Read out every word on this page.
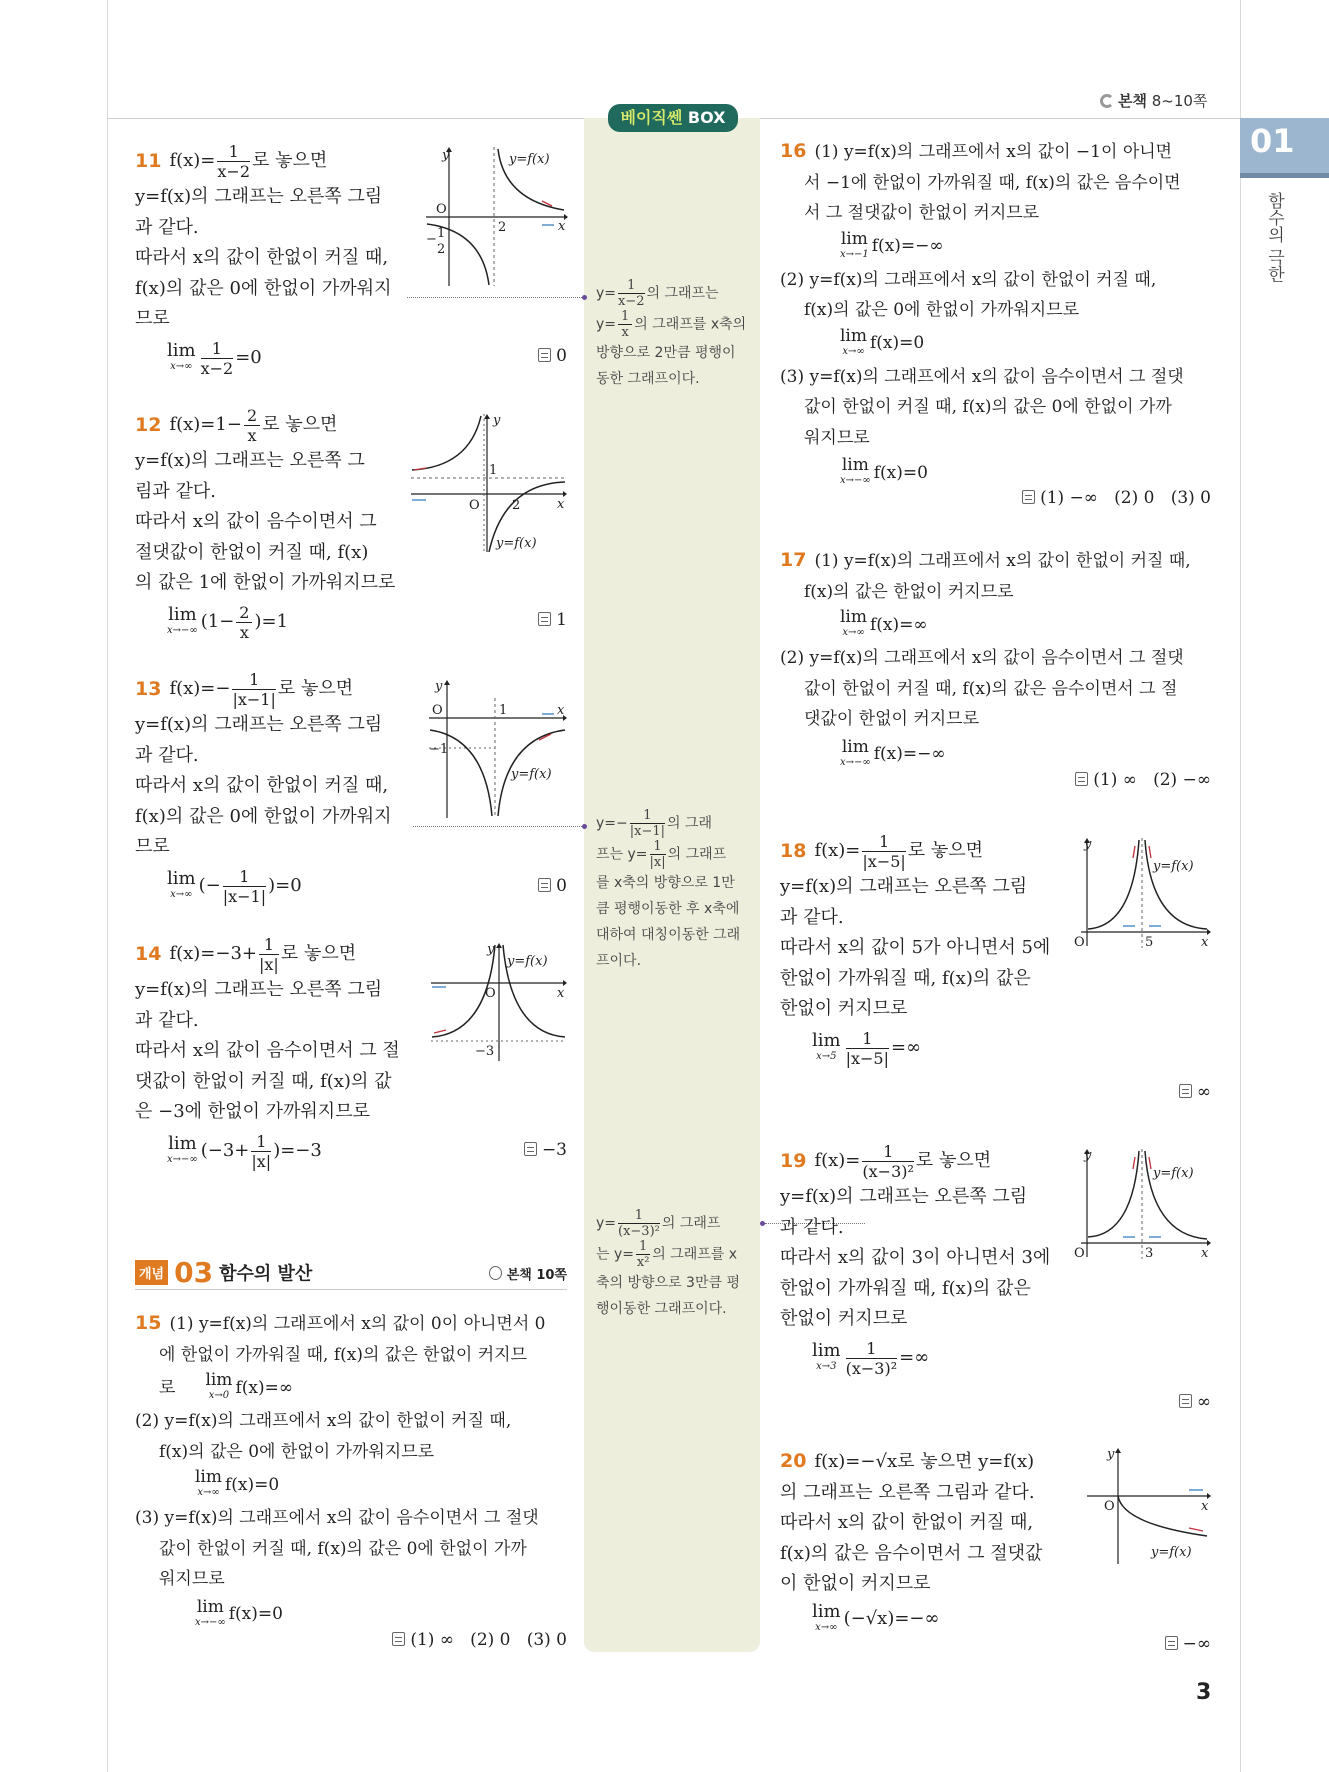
본책 8~10쪽
베이직쎈 BOX
01
함수의 극한
11 $f(x)= \frac{1}{x-2}$ 로 놓으면
y=f(x)의 그래프는 오른쪽 그림
과 같다.
따라서 x의 값이 한없이 커질 때,
f(x)의 값은 0에 한없이 가까워지
므로
lim
$x\to\infty \frac{1}{x-2} =0$	0
y
x
O
2
− 1
2
y=f(x)
12 $f(x)=1- \frac{2}{x}$ 로 놓으면
y=f(x)의 그래프는 오른쪽 그
림과 같다.
따라서 x의 값이 음수이면서 그
절댓값이 한없이 커질 때, f(x)
의 값은 1에 한없이 가까워지므로
lim
x→−∞ $(1- \frac{2}{x} )=1$	1
y
x
O
1
2
y=f(x)
13 $f(x)=- \frac{1}{|x-1|}$ 로 놓으면
y=f(x)의 그래프는 오른쪽 그림
과 같다.
따라서 x의 값이 한없이 커질 때,
f(x)의 값은 0에 한없이 가까워지
므로
lim
x→∞ (− $\frac{1}{|x-1|} )=0$	0
y
x
O	1
−1
y=f(x)
14 $f(x)=-3+ \frac{1}{|x|}$ 로 놓으면
y=f(x)의 그래프는 오른쪽 그림
과 같다.
따라서 x의 값이 음수이면서 그 절
댓값이 한없이 커질 때, f(x)의 값
은 −3에 한없이 가까워지므로
lim
x→−∞ $(-3+ \frac{1}{|x|} )=-3$	−3
y
x
O
−3
y=f(x)
개념 03 함수의 발산	본책 10쪽
15 (1) y=f(x)의 그래프에서 x의 값이 0이 아니면서 0
에 한없이 가까워질 때, f(x)의 값은 한없이 커지므
로 lim
x→0 f(x)=∞
(2) y=f(x)의 그래프에서 x의 값이 한없이 커질 때,
f(x)의 값은 0에 한없이 가까워지므로
lim
x→∞ f(x)=0
(3) y=f(x)의 그래프에서 x의 값이 음수이면서 그 절댓
값이 한없이 커질 때, f(x)의 값은 0에 한없이 가까
워지므로
lim
x→−∞ f(x)=0
(1) ∞   (2) 0   (3) 0
$y= \frac{1}{x-2}$ 의 그래프는
$y= \frac{1}{x}$ 의 그래프를 x축의
방향으로 2만큼 평행이
동한 그래프이다.
$y=- \frac{1}{|x-1|}$ 의 그래
프는 $y= \frac{1}{|x|}$ 의 그래프
를 x축의 방향으로 1만
큼 평행이동한 후 x축에
대하여 대칭이동한 그래
프이다.
$y= \frac{1}{\text{(x−3)²}}$ 의 그래프
는 $y= \frac{1}{\text{x²}}$ 의 그래프를 x
축의 방향으로 3만큼 평
행이동한 그래프이다.
16 (1) y=f(x)의 그래프에서 x의 값이 −1이 아니면
서 −1에 한없이 가까워질 때, f(x)의 값은 음수이면
서 그 절댓값이 한없이 커지므로
lim
x→−1 f(x)=−∞
(2) y=f(x)의 그래프에서 x의 값이 한없이 커질 때,
f(x)의 값은 0에 한없이 가까워지므로
lim
x→∞ f(x)=0
(3) y=f(x)의 그래프에서 x의 값이 음수이면서 그 절댓
값이 한없이 커질 때, f(x)의 값은 0에 한없이 가까
워지므로
lim
x→−∞ f(x)=0
(1) −∞   (2) 0   (3) 0
17 (1) y=f(x)의 그래프에서 x의 값이 한없이 커질 때,
f(x)의 값은 한없이 커지므로
lim
x→∞ f(x)=∞
(2) y=f(x)의 그래프에서 x의 값이 음수이면서 그 절댓
값이 한없이 커질 때, f(x)의 값은 음수이면서 그 절
댓값이 한없이 커지므로
lim
x→−∞ f(x)=−∞
(1) ∞   (2) −∞
18 $f(x)= \frac{1}{|x-5|}$ 로 놓으면
y=f(x)의 그래프는 오른쪽 그림
과 같다.
따라서 x의 값이 5가 아니면서 5에
한없이 가까워질 때, f(x)의 값은
한없이 커지므로
lim
$x\to 5 \frac{1}{|x-5|}$ =∞
∞
y
x
O	5
y=f(x)
19 $f(x)= \frac{1}{\text{(x−3)²}}$ 로 놓으면
y=f(x)의 그래프는 오른쪽 그림
과 같다.
따라서 x의 값이 3이 아니면서 3에
한없이 가까워질 때, f(x)의 값은
한없이 커지므로
lim
$x\to 3 \frac{1}{\text{(x−3)²}}$ =∞
∞
y
x
O	3
y=f(x)
20 f(x)=−√x로 놓으면 y=f(x)
의 그래프는 오른쪽 그림과 같다.
따라서 x의 값이 한없이 커질 때,
f(x)의 값은 음수이면서 그 절댓값
이 한없이 커지므로
lim
x→∞ (−√x)=−∞
−∞
y
x
O
y=f(x)
3
